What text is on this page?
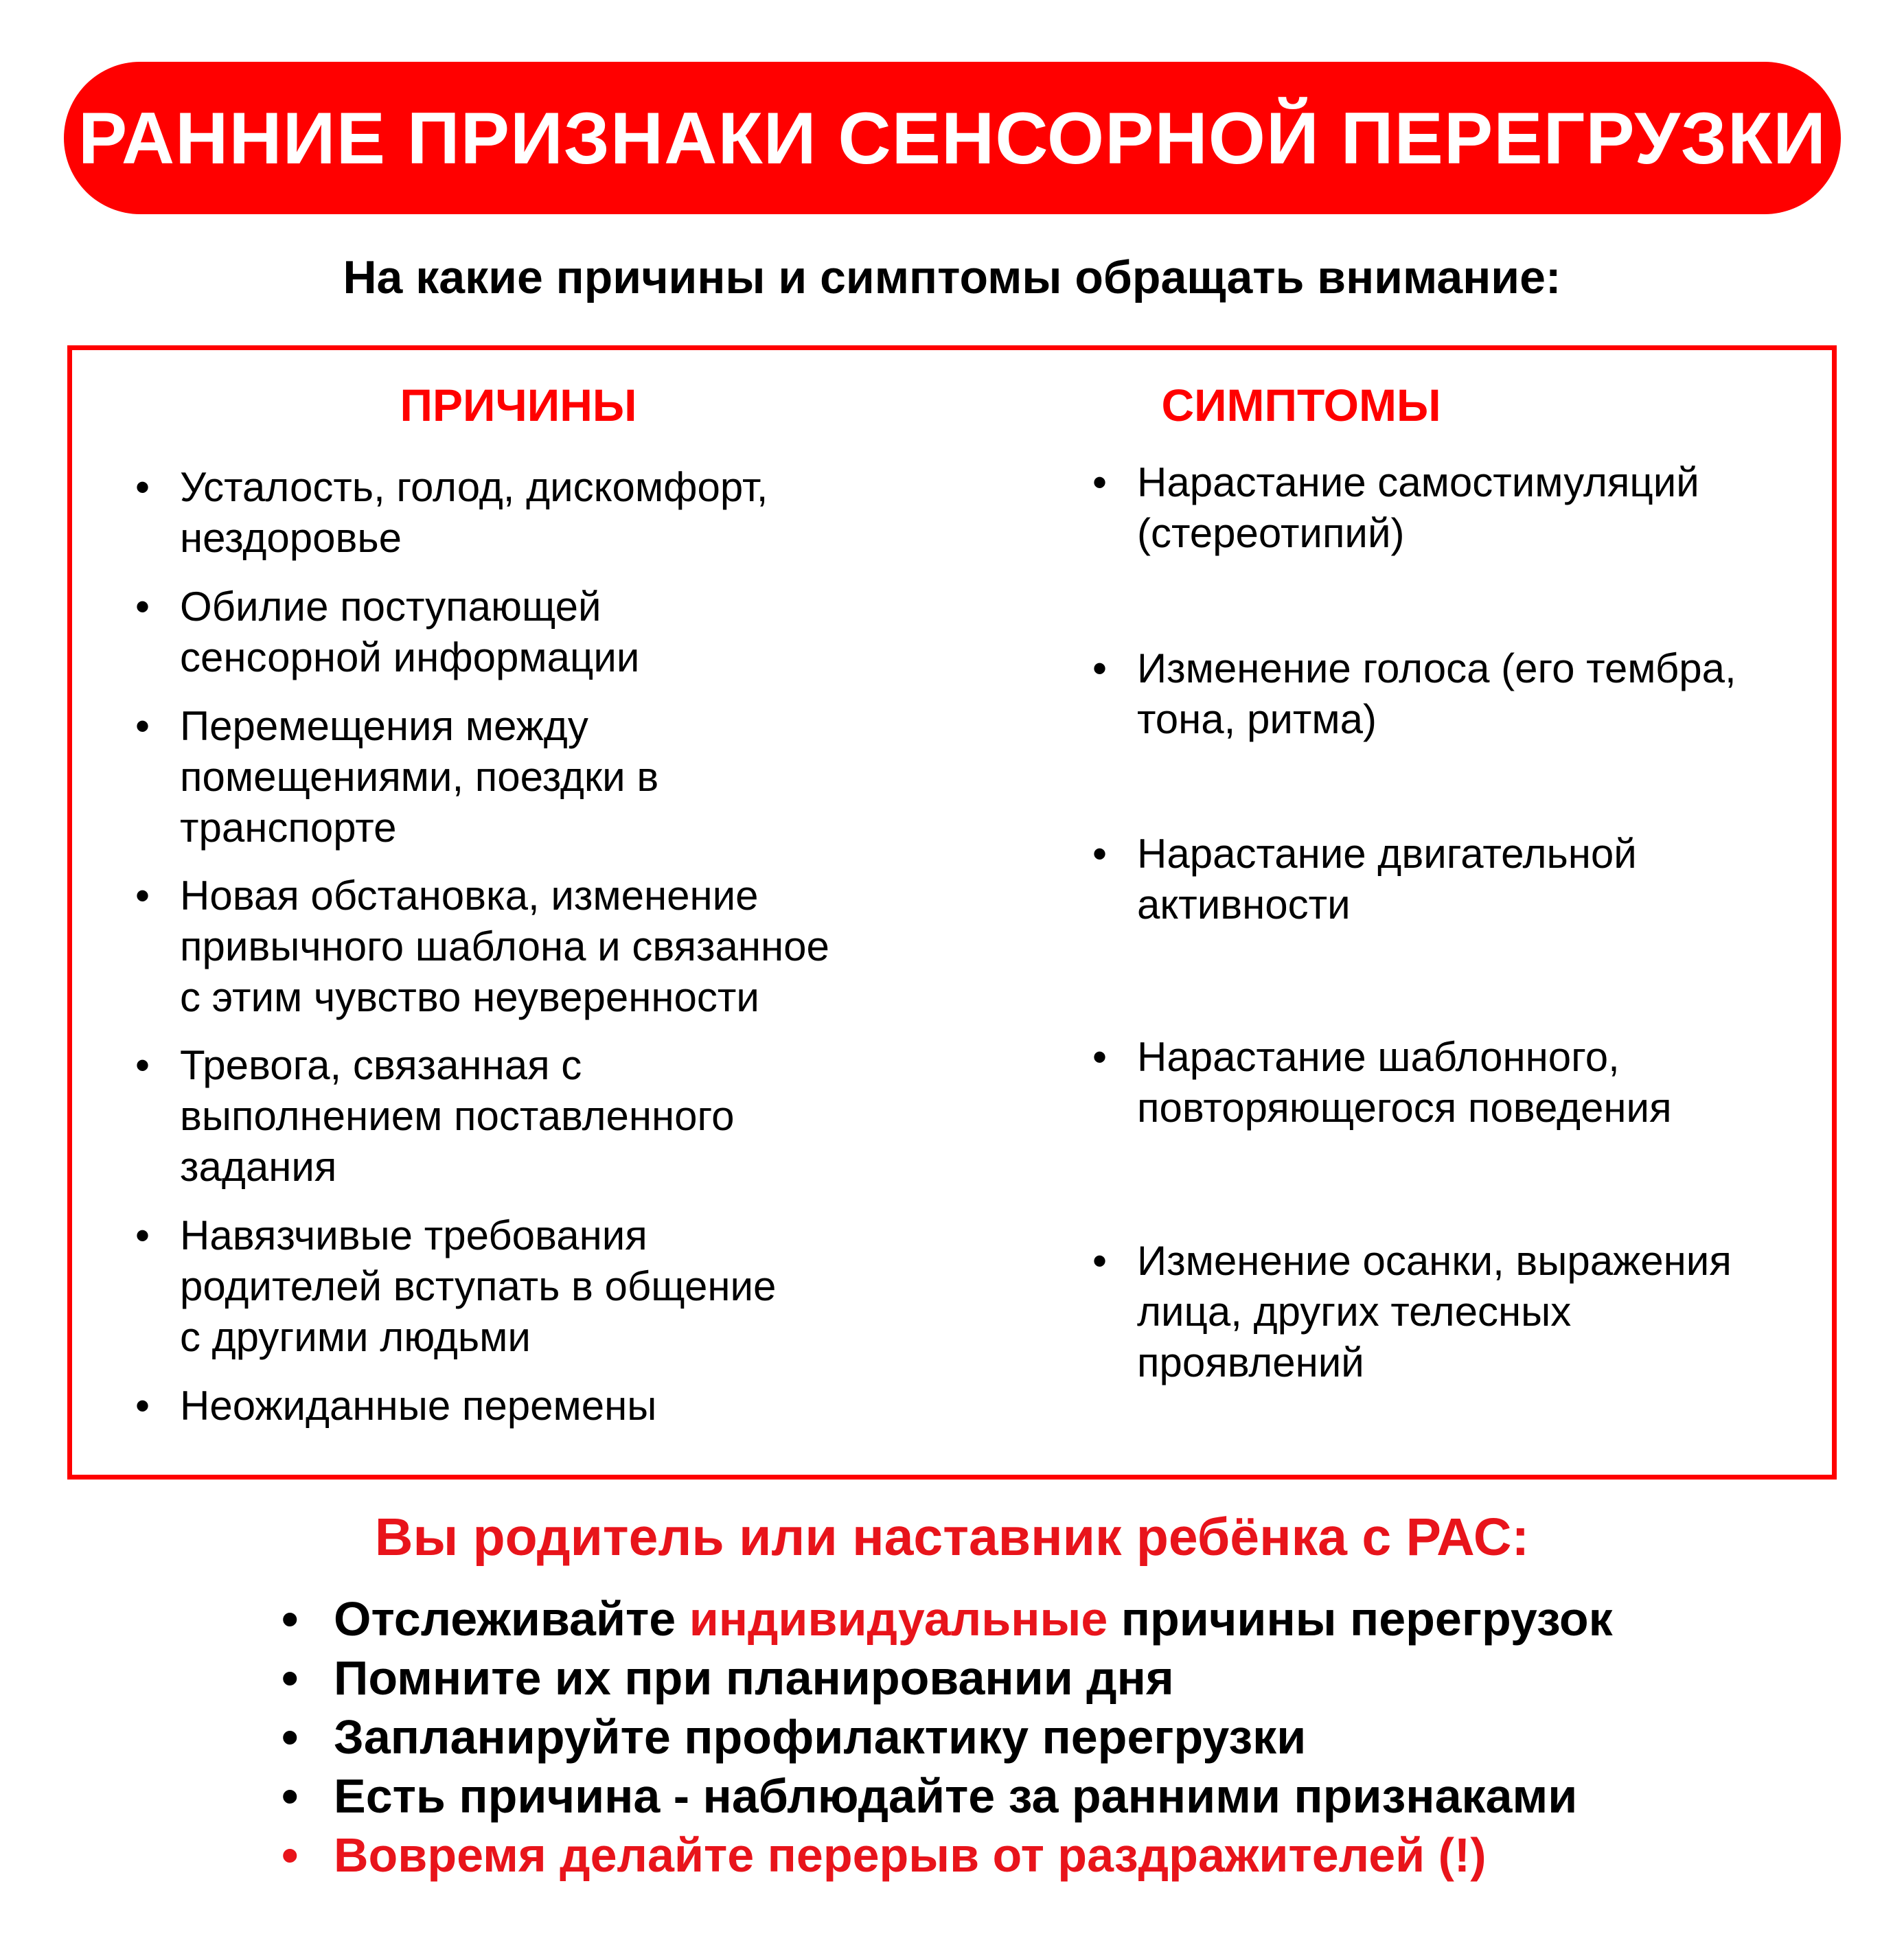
РАННИЕ ПРИЗНАКИ СЕНСОРНОЙ ПЕРЕГРУЗКИ
На какие причины и симптомы обращать внимание:
ПРИЧИНЫ
• Усталость, голод, дискомфорт,
нездоровье
• Обилие поступающей
сенсорной информации
• Перемещения между
помещениями, поездки в
транспорте
• Новая обстановка, изменение
привычного шаблона и связанное
с этим чувство неуверенности
• Тревога, связанная с
выполнением поставленного
задания
• Навязчивые требования
родителей вступать в общение
с другими людьми
• Неожиданные перемены
СИМПТОМЫ
• Нарастание самостимуляций
(стереотипий)
• Изменение голоса (его тембра,
тона, ритма)
• Нарастание двигательной
активности
• Нарастание шаблонного,
повторяющегося поведения
• Изменение осанки, выражения
лица, других телесных
проявлений
Вы родитель или наставник ребёнка с РАС:
• Отслеживайте индивидуальные причины перегрузок
• Помните их при планировании дня
• Запланируйте профилактику перегрузки
• Есть причина - наблюдайте за ранними признаками
• Вовремя делайте перерыв от раздражителей (!)
